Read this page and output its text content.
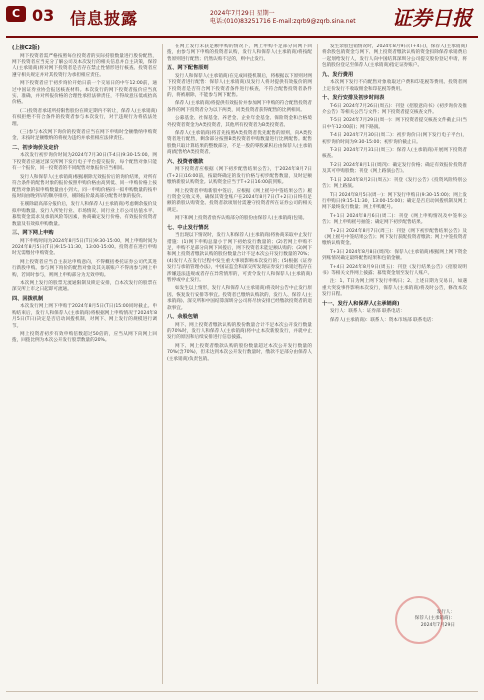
C 03 信息披露	2024年7月29日 星期一
电话:(010)83251716 E-mail:zqrb9@zqrb.sina.net 证券日报
(上接C2版)

网下投资者需严格按照每位投资者的实际持股数量进行股份配售，网下投资者应当充分了解公司及本次发行的相关信息并自主决策，保荐人(主承销商)将对网下投资者是否存在禁止性情形进行核查。投资者应遵守相关规定并对其投资行为承担相应责任。

网下投资者应于初步询价开始日前一个交易日的中午12:00前，通过中国证券业协会报送核查材料。本次发行的网下投资者报价应当真实、准确，并对所报价格的合理性承担法律责任，不得故意压低或抬高价格。

(二)投资者承诺所持限售股份在锁定期内不转让，保荐人(主承销商)有权拒绝不符合条件的投资者参与本次发行，对于违规行为将依法处理。

(三)参与本次网下询价的投资者应当在网下申购时全额缴纳申购资金，未按时足额缴纳的将视为违约并承担相应法律责任。

二、初步询价及定价

本次发行初步询价时间为2024年7月30日(T-4日)9:30-15:00。网下投资者应通过深交所网下发行电子平台提交报价，每个配售对象只能有一个报价，同一投资者的不同配售对象报价应当相同。

发行人和保荐人(主承销商)根据剔除无效报价后的询价结果，对所有符合条件的配售对象的报价按照申购价格由高到低、同一申购价格上按配售对象的拟申购数量由小到大、同一申购价格同一拟申购数量的按申报时间由晚到早的顺序排序，剔除报价最高部分配售对象的报价。

在剔除最高部分报价后，发行人和保荐人(主承销商)考虑剩余报价及拟申购数量、发行人所处行业、市场情况、同行业上市公司估值水平、募集资金需求及承销风险等因素，协商确定发行价格、有效报价投资者数量及有效拟申购数量。

三、网下网上申购

网下申购时间为2024年8月5日(T日)9:30-15:00，网上申购时间为2024年8月5日(T日)9:15-11:30，13:00-15:00。投资者在进行申购时无需缴付申购资金。

网上投资者应当自主表达申购意向，不得概括委托证券公司代其进行新股申购。参与网下询价的配售对象及其关联账户不得再参与网上申购，若同时参与，则网上申购部分为无效申购。

本次网上发行的股票无流通限制及锁定安排，自本次发行的股票在深交所上市之日起即可流通。

四、回拨机制

本次发行网上网下申购于2024年8月5日(T日)15:00同时截止。申购结束后，发行人和保荐人(主承销商)将根据网上申购情况于2024年8月5日(T日)决定是否启动回拨机制，对网下、网上发行的规模进行调节。

网上投资者初步有效申购倍数超过50倍的，应当从网下向网上回拨，回拨比例为本次公开发行股票数量的20%。

在网上发行未获足额申购的情况下，网上申购不足部分向网下回拨，由参与网下申购的投资者认购，发行人和保荐人(主承销商)将按配售原则进行配售；仍然认购不足的，则中止发行。

五、网下配售原则

发行人和保荐人(主承销商)在完成回拨机制后，将根据以下原则对网下投资者进行配售：保荐人(主承销商)及发行人将对提供有效报价的网下投资者是否符合网下投资者条件进行核查，不符合配售投资者条件的，将被剔除，不能参与网下配售。

保荐人(主承销商)将提供有效报价并参加网下申购的符合配售投资者条件的网下投资者分为以下两类，同类投资者获得配售的比例相同。

公募基金、社保基金、养老金、企业年金基金、保险资金和合格境外投资者资金为A类投资者，其他所有投资者为B类投资者。

保荐人(主承销商)将首先按照A类投资者优先配售的原则，向A类投资者进行配售，剩余部分按照B类投资者申购数量进行比例配售。配售股数只取计算结果的整数部分，不足一股的零股累积后由保荐人(主承销商)配售给A类投资者。

六、投资者缴款

网下投资者应根据《网下初步配售结果公告》，于2024年8月7日(T+2日)16:00前，按最终确定的发行价格与初步配售数量，及时足额缴纳新股认购资金。认购资金应当于T+2日16:00前到账。

网上投资者申购新股中签后，应根据《网上摇号中签结果公告》履行资金交收义务，确保其资金账户在2024年8月7日(T+2日)日终有足额的新股认购资金。投资者款项划付需遵守投资者所在证券公司的相关规定。

网下和网上投资者放弃认购部分的股份由保荐人(主承销商)包销。

七、中止发行情况

当出现以下情况时，发行人和保荐人(主承销商)将协商采取中止发行措施：(1)网下申购总量小于网下初始发行数量的；(2)若网上申购不足，申购不足部分向网下回拨后，网下投资者未能足额认购的；(3)网下和网上投资者缴款认购的股份数量合计不足本次公开发行数量的70%；(4)发行人在发行过程中发生重大事项影响本次发行的；(5)根据《证券发行与承销管理办法》，中国证监会和深交所发现证券发行承销过程存在涉嫌违法违规或者存在异常情形的，可责令发行人和保荐人(主承销商)暂停或中止发行。

如发生以上情形，发行人和保荐人(主承销商)将及时公告中止发行原因、恢复发行安排等事宜。投资者已缴纳认购款的，发行人、保荐人(主承销商)、深交所和中国结算深圳分公司将尽快安排已经缴款投资者的退款事宜。

八、余股包销

网下、网上投资者缴款认购的股份数量合计不足本次公开发行数量的70%时，发行人和保荐人(主承销商)将中止本次新股发行，并就中止发行的原因和后续安排进行信息披露。

网下、网上投资者缴款认购的股份数量超过本次公开发行数量的70%(含70%)，但未达到本次公开发行数量时，缴款不足部分由保荐人(主承销商)负责包销。

发生余股包销情况时，2024年8月9日(T+4日)，保荐人(主承销商)将余股包销资金与网下、网上投资者缴款认购的资金扣除保荐承销费后一起划给发行人，发行人向中国结算深圳分公司提交股份登记申请，将包销股份登记至保荐人(主承销商)指定证券账户。

九、发行费用

本次网下发行不向配售对象收取过户费和印花税等费用。投资者网上定价发行不收取佣金和印花税等费用。

十、发行安排及初步时间表

T-6日 2024年7月26日(周五)：刊登《招股意向书》《初步询价及推介公告》等相关公告与文件；网下投资者提交核查文件。

T-5日 2024年7月29日(周一)：网下投资者提交核查文件截止日(当日中午12:00前)；网下路演。

T-4日 2024年7月30日(周二)：初步询价日(网下发行电子平台)，初步询价时间为9:30-15:00；初步询价截止日。

T-3日 2024年7月31日(周三)：保荐人(主承销商)开展网下投资者核查。

T-2日 2024年8月1日(周四)：确定发行价格；确定有效报价投资者及其可申购股数；刊登《网上路演公告》。

T-1日 2024年8月2日(周五)：刊登《发行公告》《投资风险特别公告》；网上路演。

T日 2024年8月5日(周一)：网下发行申购日(9:30-15:00)；网上发行申购日(9:15-11:30，13:00-15:00)；确定是否启动回拨机制及网上网下最终发行数量；网上申购配号。

T+1日 2024年8月6日(周二)：刊登《网上申购情况及中签率公告》；网上申购摇号抽签；确定网下初步配售结果。

T+2日 2024年8月7日(周三)：刊登《网下初步配售结果公告》及《网上摇号中签结果公告》；网下发行获配投资者缴款；网上中签投资者缴纳认购资金。

T+3日 2024年8月8日(周四)：保荐人(主承销商)根据网上网下资金到账情况确定最终配售结果和包销金额。

T+4日 2024年8月9日(周五)：刊登《发行结果公告》《招股说明书》等相关文件网上披露；募集资金划至发行人账户。

注：1、T日为网上网下发行申购日；2、上述日期为交易日，如遇重大突发事件影响本次发行，保荐人(主承销商)将及时公告，修改本次发行日程。

十一、发行人和保荐人(主承销商)

发行人：联系人：证券部 联系电话：

保荐人(主承销商)：联系人：资本市场部 联系电话：

发行人：
保荐人(主承销商)：
2024年7月29日
